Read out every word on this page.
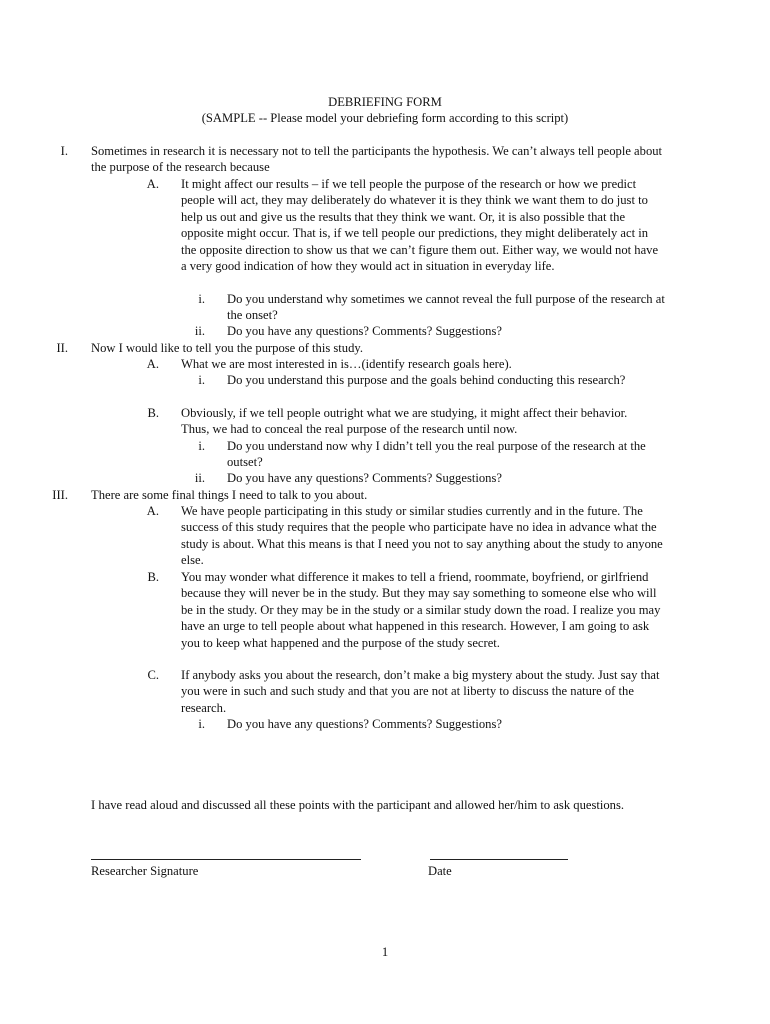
DEBRIEFING FORM
(SAMPLE -- Please model your debriefing form according to this script)
I. Sometimes in research it is necessary not to tell the participants the hypothesis. We can’t always tell people about the purpose of the research because
A. It might affect our results – if we tell people the purpose of the research or how we predict people will act, they may deliberately do whatever it is they think we want them to do just to help us out and give us the results that they think we want. Or, it is also possible that the opposite might occur. That is, if we tell people our predictions, they might deliberately act in the opposite direction to show us that we can’t figure them out. Either way, we would not have a very good indication of how they would act in situation in everyday life.
i. Do you understand why sometimes we cannot reveal the full purpose of the research at the onset?
ii. Do you have any questions? Comments? Suggestions?
II. Now I would like to tell you the purpose of this study.
A. What we are most interested in is…(identify research goals here).
i. Do you understand this purpose and the goals behind conducting this research?
B. Obviously, if we tell people outright what we are studying, it might affect their behavior. Thus, we had to conceal the real purpose of the research until now.
i. Do you understand now why I didn’t tell you the real purpose of the research at the outset?
ii. Do you have any questions? Comments? Suggestions?
III. There are some final things I need to talk to you about.
A. We have people participating in this study or similar studies currently and in the future. The success of this study requires that the people who participate have no idea in advance what the study is about. What this means is that I need you not to say anything about the study to anyone else.
B. You may wonder what difference it makes to tell a friend, roommate, boyfriend, or girlfriend because they will never be in the study. But they may say something to someone else who will be in the study. Or they may be in the study or a similar study down the road. I realize you may have an urge to tell people about what happened in this research. However, I am going to ask you to keep what happened and the purpose of the study secret.
C. If anybody asks you about the research, don’t make a big mystery about the study. Just say that you were in such and such study and that you are not at liberty to discuss the nature of the research.
i. Do you have any questions? Comments? Suggestions?
I have read aloud and discussed all these points with the participant and allowed her/him to ask questions.
Researcher Signature	Date
1
